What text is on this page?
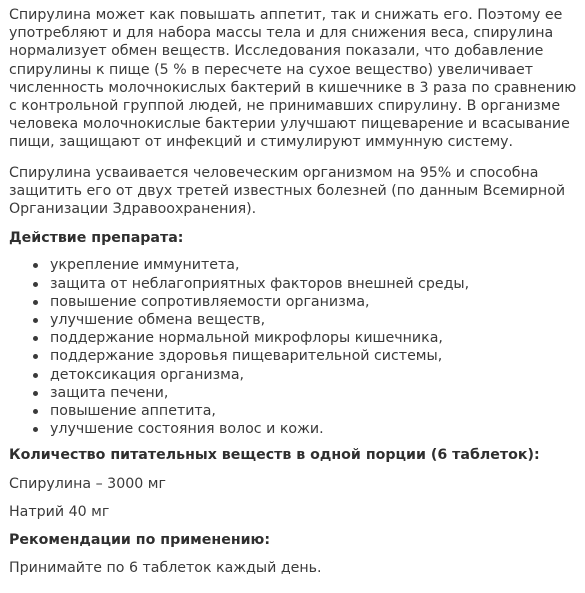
Спирулина может как повышать аппетит, так и снижать его. Поэтому ее употребляют и для набора массы тела и для снижения веса, спирулина нормализует обмен веществ. Исследования показали, что добавление спирулины к пище (5 % в пересчете на сухое вещество) увеличивает численность молочнокислых бактерий в кишечнике в 3 раза по сравнению с контрольной группой людей, не принимавших спирулину. В организме человека молочнокислые бактерии улучшают пищеварение и всасывание пищи, защищают от инфекций и стимулируют иммунную систему.

Спирулина усваивается человеческим организмом на 95% и способна защитить его от двух третей известных болезней (по данным Всемирной Организации Здравоохранения).

Действие препарата:

укрепление иммунитета,
защита от неблагоприятных факторов внешней среды,
повышение сопротивляемости организма,
улучшение обмена веществ,
поддержание нормальной микрофлоры кишечника,
поддержание здоровья пищеварительной системы,
детоксикация организма,
защита печени,
повышение аппетита,
улучшение состояния волос и кожи.

Количество питательных веществ в одной порции (6 таблеток):

Спирулина – 3000 мг

Натрий 40 мг

Рекомендации по применению:

Принимайте по 6 таблеток каждый день.
